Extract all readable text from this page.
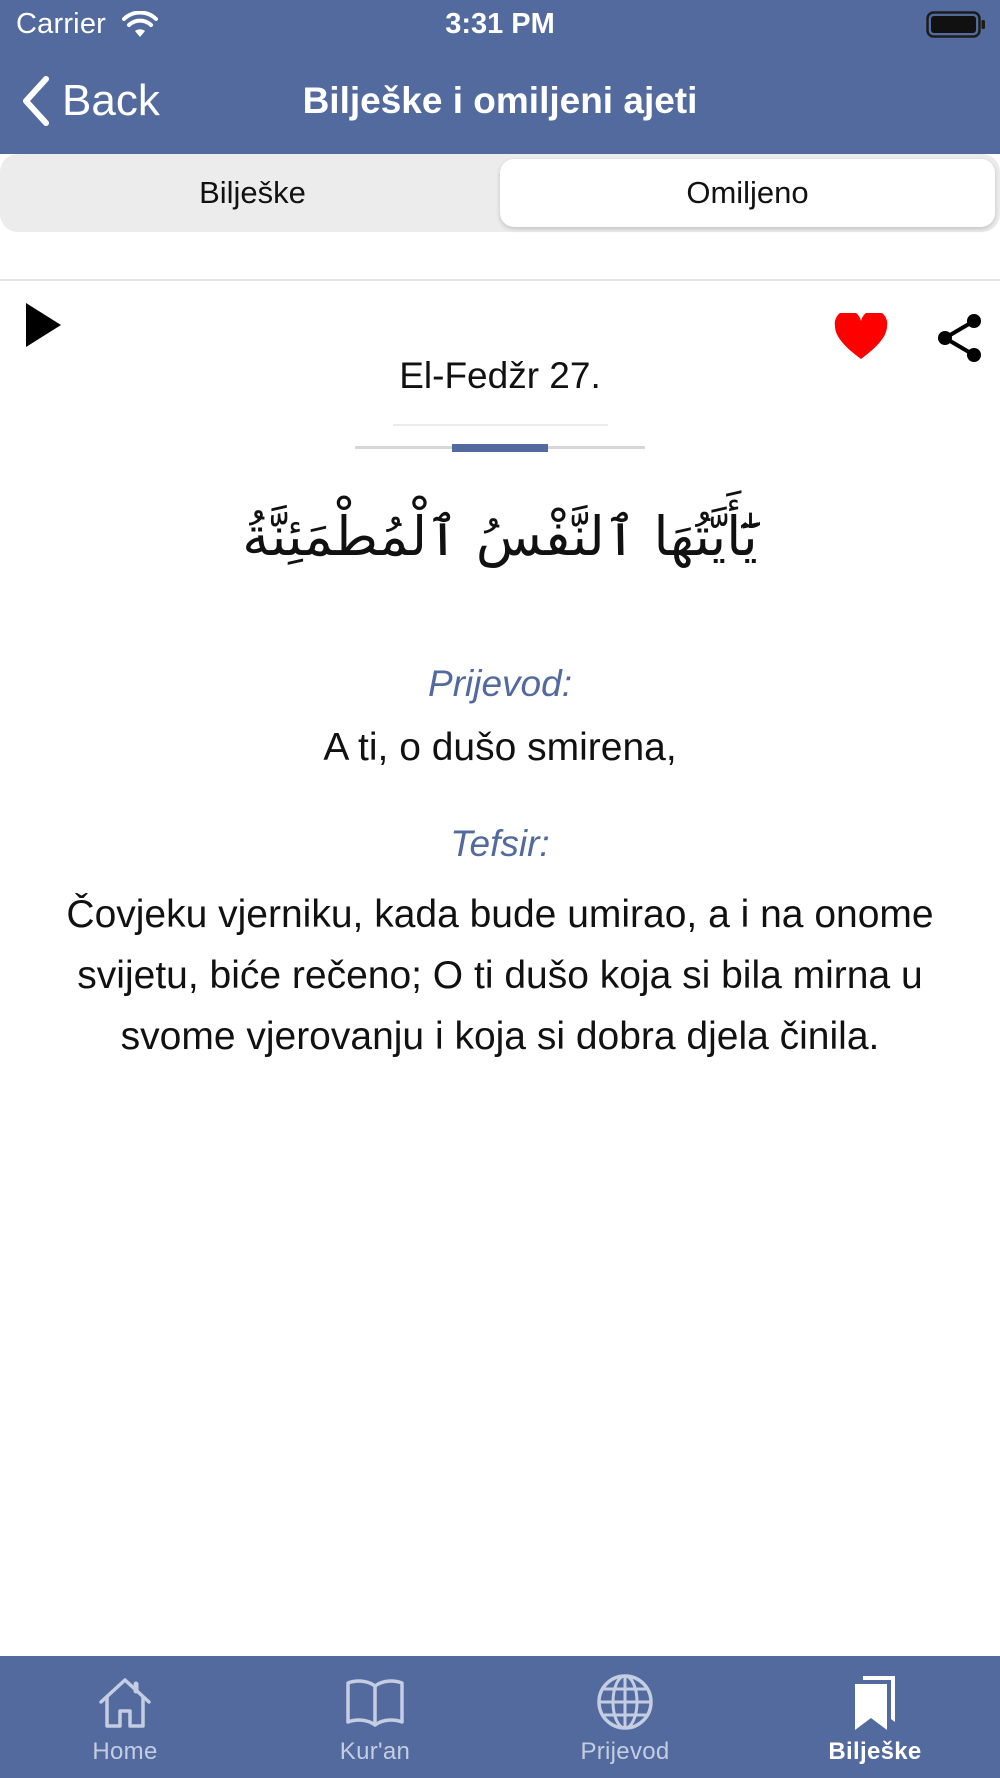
Carrier	3:31 PM
Back	Bilješke i omiljeni ajeti
Bilješke	Omiljeno
El-Fedžr 27.
يَٰٓأَيَّتُهَا ٱلنَّفْسُ ٱلْمُطْمَئِنَّةُ
Prijevod:
A ti, o dušo smirena,
Tefsir:
Čovjeku vjerniku, kada bude umirao, a i na onome svijetu, biće rečeno; O ti dušo koja si bila mirna u svome vjerovanju i koja si dobra djela činila.
Home	Kur'an	Prijevod	Bilješke
